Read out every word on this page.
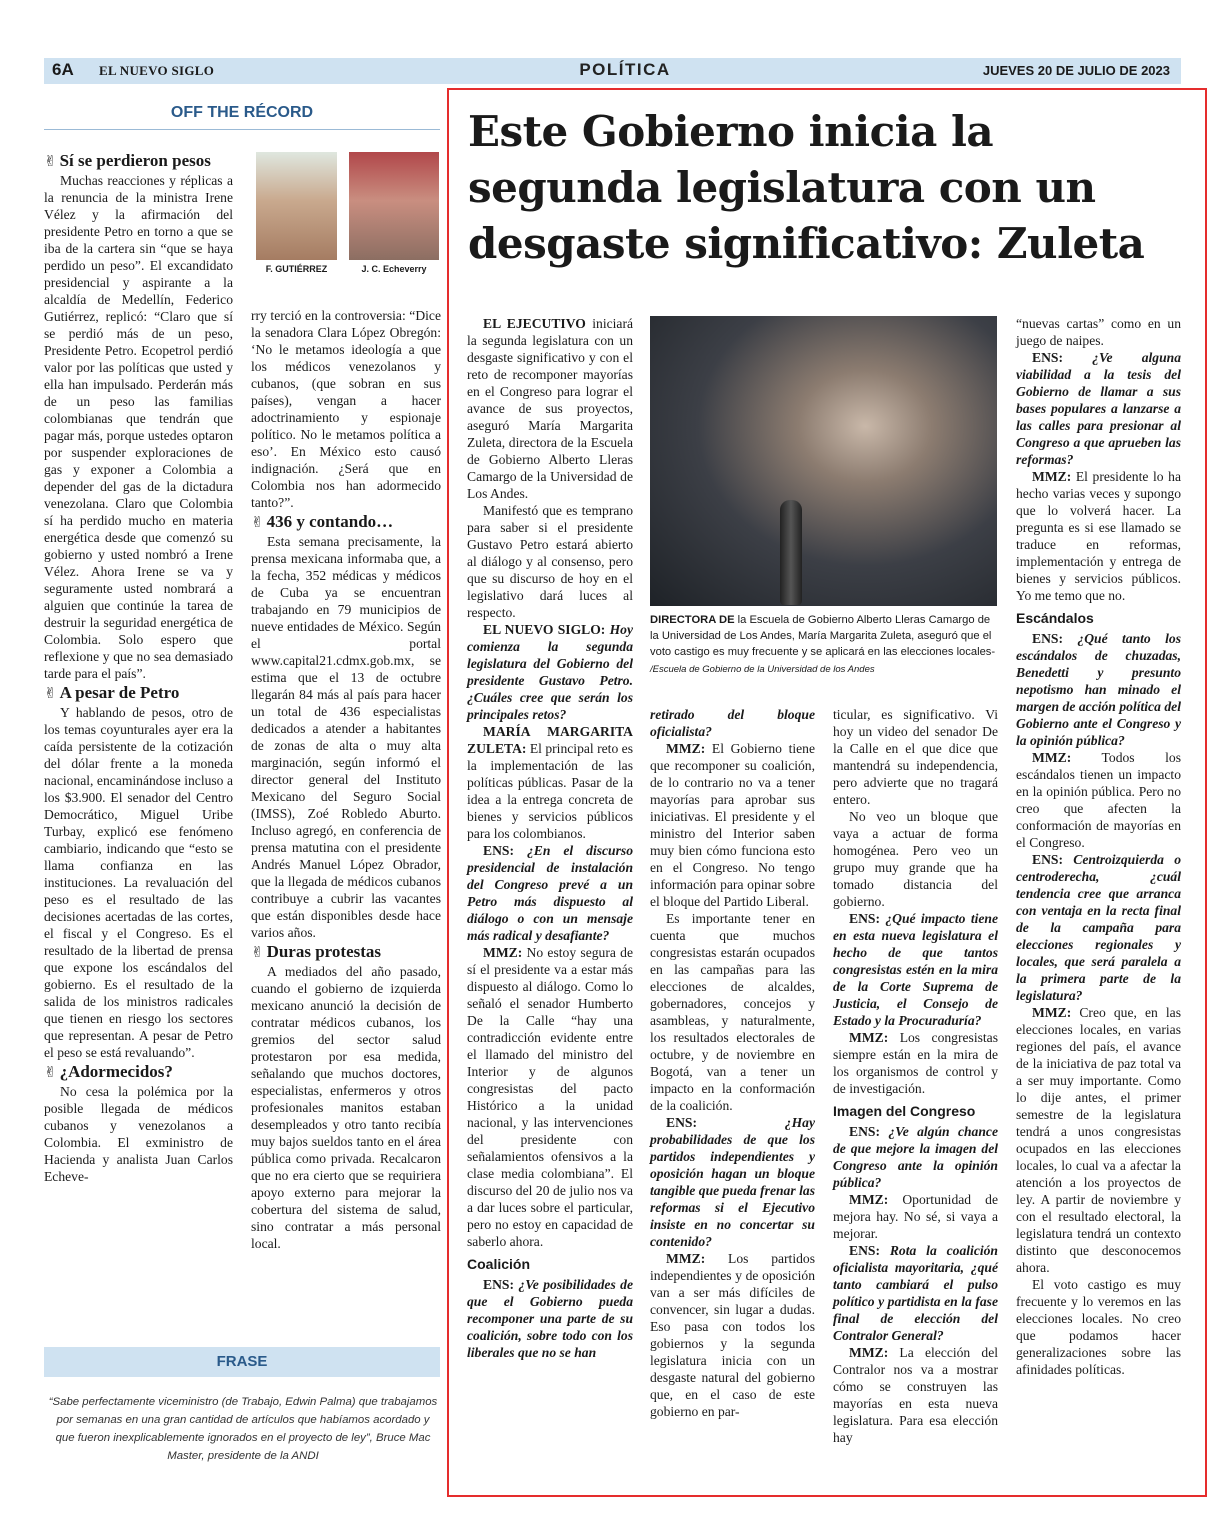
6A EL NUEVO SIGLO	POLÍTICA	JUEVES 20 DE JULIO DE 2023
OFF THE RÉCORD
F. GUTIÉRREZ	J. C. Echeverry
✌ Sí se perdieron pesos

Muchas reacciones y réplicas a la renuncia de la ministra Irene Vélez y la afirmación del presidente Petro en torno a que se iba de la cartera sin “que se haya perdido un peso”. El excandidato presidencial y aspirante a la alcaldía de Medellín, Federico Gutiérrez, replicó: “Claro que sí se perdió más de un peso, Presidente Petro. Ecopetrol perdió valor por las políticas que usted y ella han impulsado. Perderán más de un peso las familias colombianas que tendrán que pagar más, porque ustedes optaron por suspender exploraciones de gas y exponer a Colombia a depender del gas de la dictadura venezolana. Claro que Colombia sí ha perdido mucho en materia energética desde que comenzó su gobierno y usted nombró a Irene Vélez. Ahora Irene se va y seguramente usted nombrará a alguien que continúe la tarea de destruir la seguridad energética de Colombia. Solo espero que reflexione y que no sea demasiado tarde para el país”.

✌ A pesar de Petro

Y hablando de pesos, otro de los temas coyunturales ayer era la caída persistente de la cotización del dólar frente a la moneda nacional, encaminándose incluso a los $3.900. El senador del Centro Democrático, Miguel Uribe Turbay, explicó ese fenómeno cambiario, indicando que “esto se llama confianza en las instituciones. La revaluación del peso es el resultado de las decisiones acertadas de las cortes, el fiscal y el Congreso. Es el resultado de la libertad de prensa que expone los escándalos del gobierno. Es el resultado de la salida de los ministros radicales que tienen en riesgo los sectores que representan. A pesar de Petro el peso se está revaluando”.

✌ ¿Adormecidos?

No cesa la polémica por la posible llegada de médicos cubanos y venezolanos a Colombia. El exministro de Hacienda y analista Juan Carlos Echeve-

rry terció en la controversia: “Dice la senadora Clara López Obregón: ‘No le metamos ideología a que los médicos venezolanos y cubanos, (que sobran en sus países), vengan a hacer adoctrinamiento y espionaje político. No le metamos política a eso’. En México esto causó indignación. ¿Será que en Colombia nos han adormecido tanto?”.

✌ 436 y contando…

Esta semana precisamente, la prensa mexicana informaba que, a la fecha, 352 médicas y médicos de Cuba ya se encuentran trabajando en 79 municipios de nueve entidades de México. Según el portal www.capital21.cdmx.gob.mx, se estima que el 13 de octubre llegarán 84 más al país para hacer un total de 436 especialistas dedicados a atender a habitantes de zonas de alta o muy alta marginación, según informó el director general del Instituto Mexicano del Seguro Social (IMSS), Zoé Robledo Aburto. Incluso agregó, en conferencia de prensa matutina con el presidente Andrés Manuel López Obrador, que la llegada de médicos cubanos contribuye a cubrir las vacantes que están disponibles desde hace varios años.

✌ Duras protestas

A mediados del año pasado, cuando el gobierno de izquierda mexicano anunció la decisión de contratar médicos cubanos, los gremios del sector salud protestaron por esa medida, señalando que muchos doctores, especialistas, enfermeros y otros profesionales manitos estaban desempleados y otro tanto recibía muy bajos sueldos tanto en el área pública como privada. Recalcaron que no era cierto que se requiriera apoyo externo para mejorar la cobertura del sistema de salud, sino contratar a más personal local.

FRASE
“Sabe perfectamente viceministro (de Trabajo, Edwin Palma) que trabajamos por semanas en una gran cantidad de artículos que habíamos acordado y que fueron inexplicablemente ignorados en el proyecto de ley”, Bruce Mac Master, presidente de la ANDI
Este Gobierno inicia la segunda legislatura con un desgaste significativo: Zuleta
DIRECTORA DE la Escuela de Gobierno Alberto Lleras Camargo de la Universidad de Los Andes, María Margarita Zuleta, aseguró que el voto castigo es muy frecuente y se aplicará en las elecciones locales- /Escuela de Gobierno de la Universidad de los Andes

EL EJECUTIVO iniciará la segunda legislatura con un desgaste significativo y con el reto de recomponer mayorías en el Congreso para lograr el avance de sus proyectos, aseguró María Margarita Zuleta, directora de la Escuela de Gobierno Alberto Lleras Camargo de la Universidad de Los Andes.

Manifestó que es temprano para saber si el presidente Gustavo Petro estará abierto al diálogo y al consenso, pero que su discurso de hoy en el legislativo dará luces al respecto.

EL NUEVO SIGLO: Hoy comienza la segunda legislatura del Gobierno del presidente Gustavo Petro. ¿Cuáles cree que serán los principales retos?

MARÍA MARGARITA ZULETA: El principal reto es la implementación de las políticas públicas. Pasar de la idea a la entrega concreta de bienes y servicios públicos para los colombianos.

ENS: ¿En el discurso presidencial de instalación del Congreso prevé a un Petro más dispuesto al diálogo o con un mensaje más radical y desafiante?

MMZ: No estoy segura de sí el presidente va a estar más dispuesto al diálogo. Como lo señaló el senador Humberto De la Calle “hay una contradicción evidente entre el llamado del ministro del Interior y de algunos congresistas del pacto Histórico a la unidad nacional, y las intervenciones del presidente con señalamientos ofensivos a la clase media colombiana”. El discurso del 20 de julio nos va a dar luces sobre el particular, pero no estoy en capacidad de saberlo ahora.

Coalición

ENS: ¿Ve posibilidades de que el Gobierno pueda recomponer una parte de su coalición, sobre todo con los liberales que no se han

retirado del bloque oficialista?

MMZ: El Gobierno tiene que recomponer su coalición, de lo contrario no va a tener mayorías para aprobar sus iniciativas. El presidente y el ministro del Interior saben muy bien cómo funciona esto en el Congreso. No tengo información para opinar sobre el bloque del Partido Liberal.

Es importante tener en cuenta que muchos congresistas estarán ocupados en las campañas para las elecciones de alcaldes, gobernadores, concejos y asambleas, y naturalmente, los resultados electorales de octubre, y de noviembre en Bogotá, van a tener un impacto en la conformación de la coalición.

ENS: ¿Hay probabilidades de que los partidos independientes y oposición hagan un bloque tangible que pueda frenar las reformas si el Ejecutivo insiste en no concertar su contenido?

MMZ: Los partidos independientes y de oposición van a ser más difíciles de convencer, sin lugar a dudas. Eso pasa con todos los gobiernos y la segunda legislatura inicia con un desgaste natural del gobierno que, en el caso de este gobierno en par-

ticular, es significativo. Vi hoy un video del senador De la Calle en el que dice que mantendrá su independencia, pero advierte que no tragará entero.

No veo un bloque que vaya a actuar de forma homogénea. Pero veo un grupo muy grande que ha tomado distancia del gobierno.

ENS: ¿Qué impacto tiene en esta nueva legislatura el hecho de que tantos congresistas estén en la mira de la Corte Suprema de Justicia, el Consejo de Estado y la Procuraduría?

MMZ: Los congresistas siempre están en la mira de los organismos de control y de investigación.

Imagen del Congreso

ENS: ¿Ve algún chance de que mejore la imagen del Congreso ante la opinión pública?

MMZ: Oportunidad de mejora hay. No sé, si vaya a mejorar.

ENS: Rota la coalición oficialista mayoritaria, ¿qué tanto cambiará el pulso político y partidista en la fase final de elección del Contralor General?

MMZ: La elección del Contralor nos va a mostrar cómo se construyen las mayorías en esta nueva legislatura. Para esa elección hay

“nuevas cartas” como en un juego de naipes.

ENS: ¿Ve alguna viabilidad a la tesis del Gobierno de llamar a sus bases populares a lanzarse a las calles para presionar al Congreso a que aprueben las reformas?

MMZ: El presidente lo ha hecho varias veces y supongo que lo volverá hacer. La pregunta es si ese llamado se traduce en reformas, implementación y entrega de bienes y servicios públicos. Yo me temo que no.

Escándalos

ENS: ¿Qué tanto los escándalos de chuzadas, Benedetti y presunto nepotismo han minado el margen de acción política del Gobierno ante el Congreso y la opinión pública?

MMZ: Todos los escándalos tienen un impacto en la opinión pública. Pero no creo que afecten la conformación de mayorías en el Congreso.

ENS: Centroizquierda o centroderecha, ¿cuál tendencia cree que arranca con ventaja en la recta final de la campaña para elecciones regionales y locales, que será paralela a la primera parte de la legislatura?

MMZ: Creo que, en las elecciones locales, en varias regiones del país, el avance de la iniciativa de paz total va a ser muy importante. Como lo dije antes, el primer semestre de la legislatura tendrá a unos congresistas ocupados en las elecciones locales, lo cual va a afectar la atención a los proyectos de ley. A partir de noviembre y con el resultado electoral, la legislatura tendrá un contexto distinto que desconocemos ahora.

El voto castigo es muy frecuente y lo veremos en las elecciones locales. No creo que podamos hacer generalizaciones sobre las afinidades políticas.
